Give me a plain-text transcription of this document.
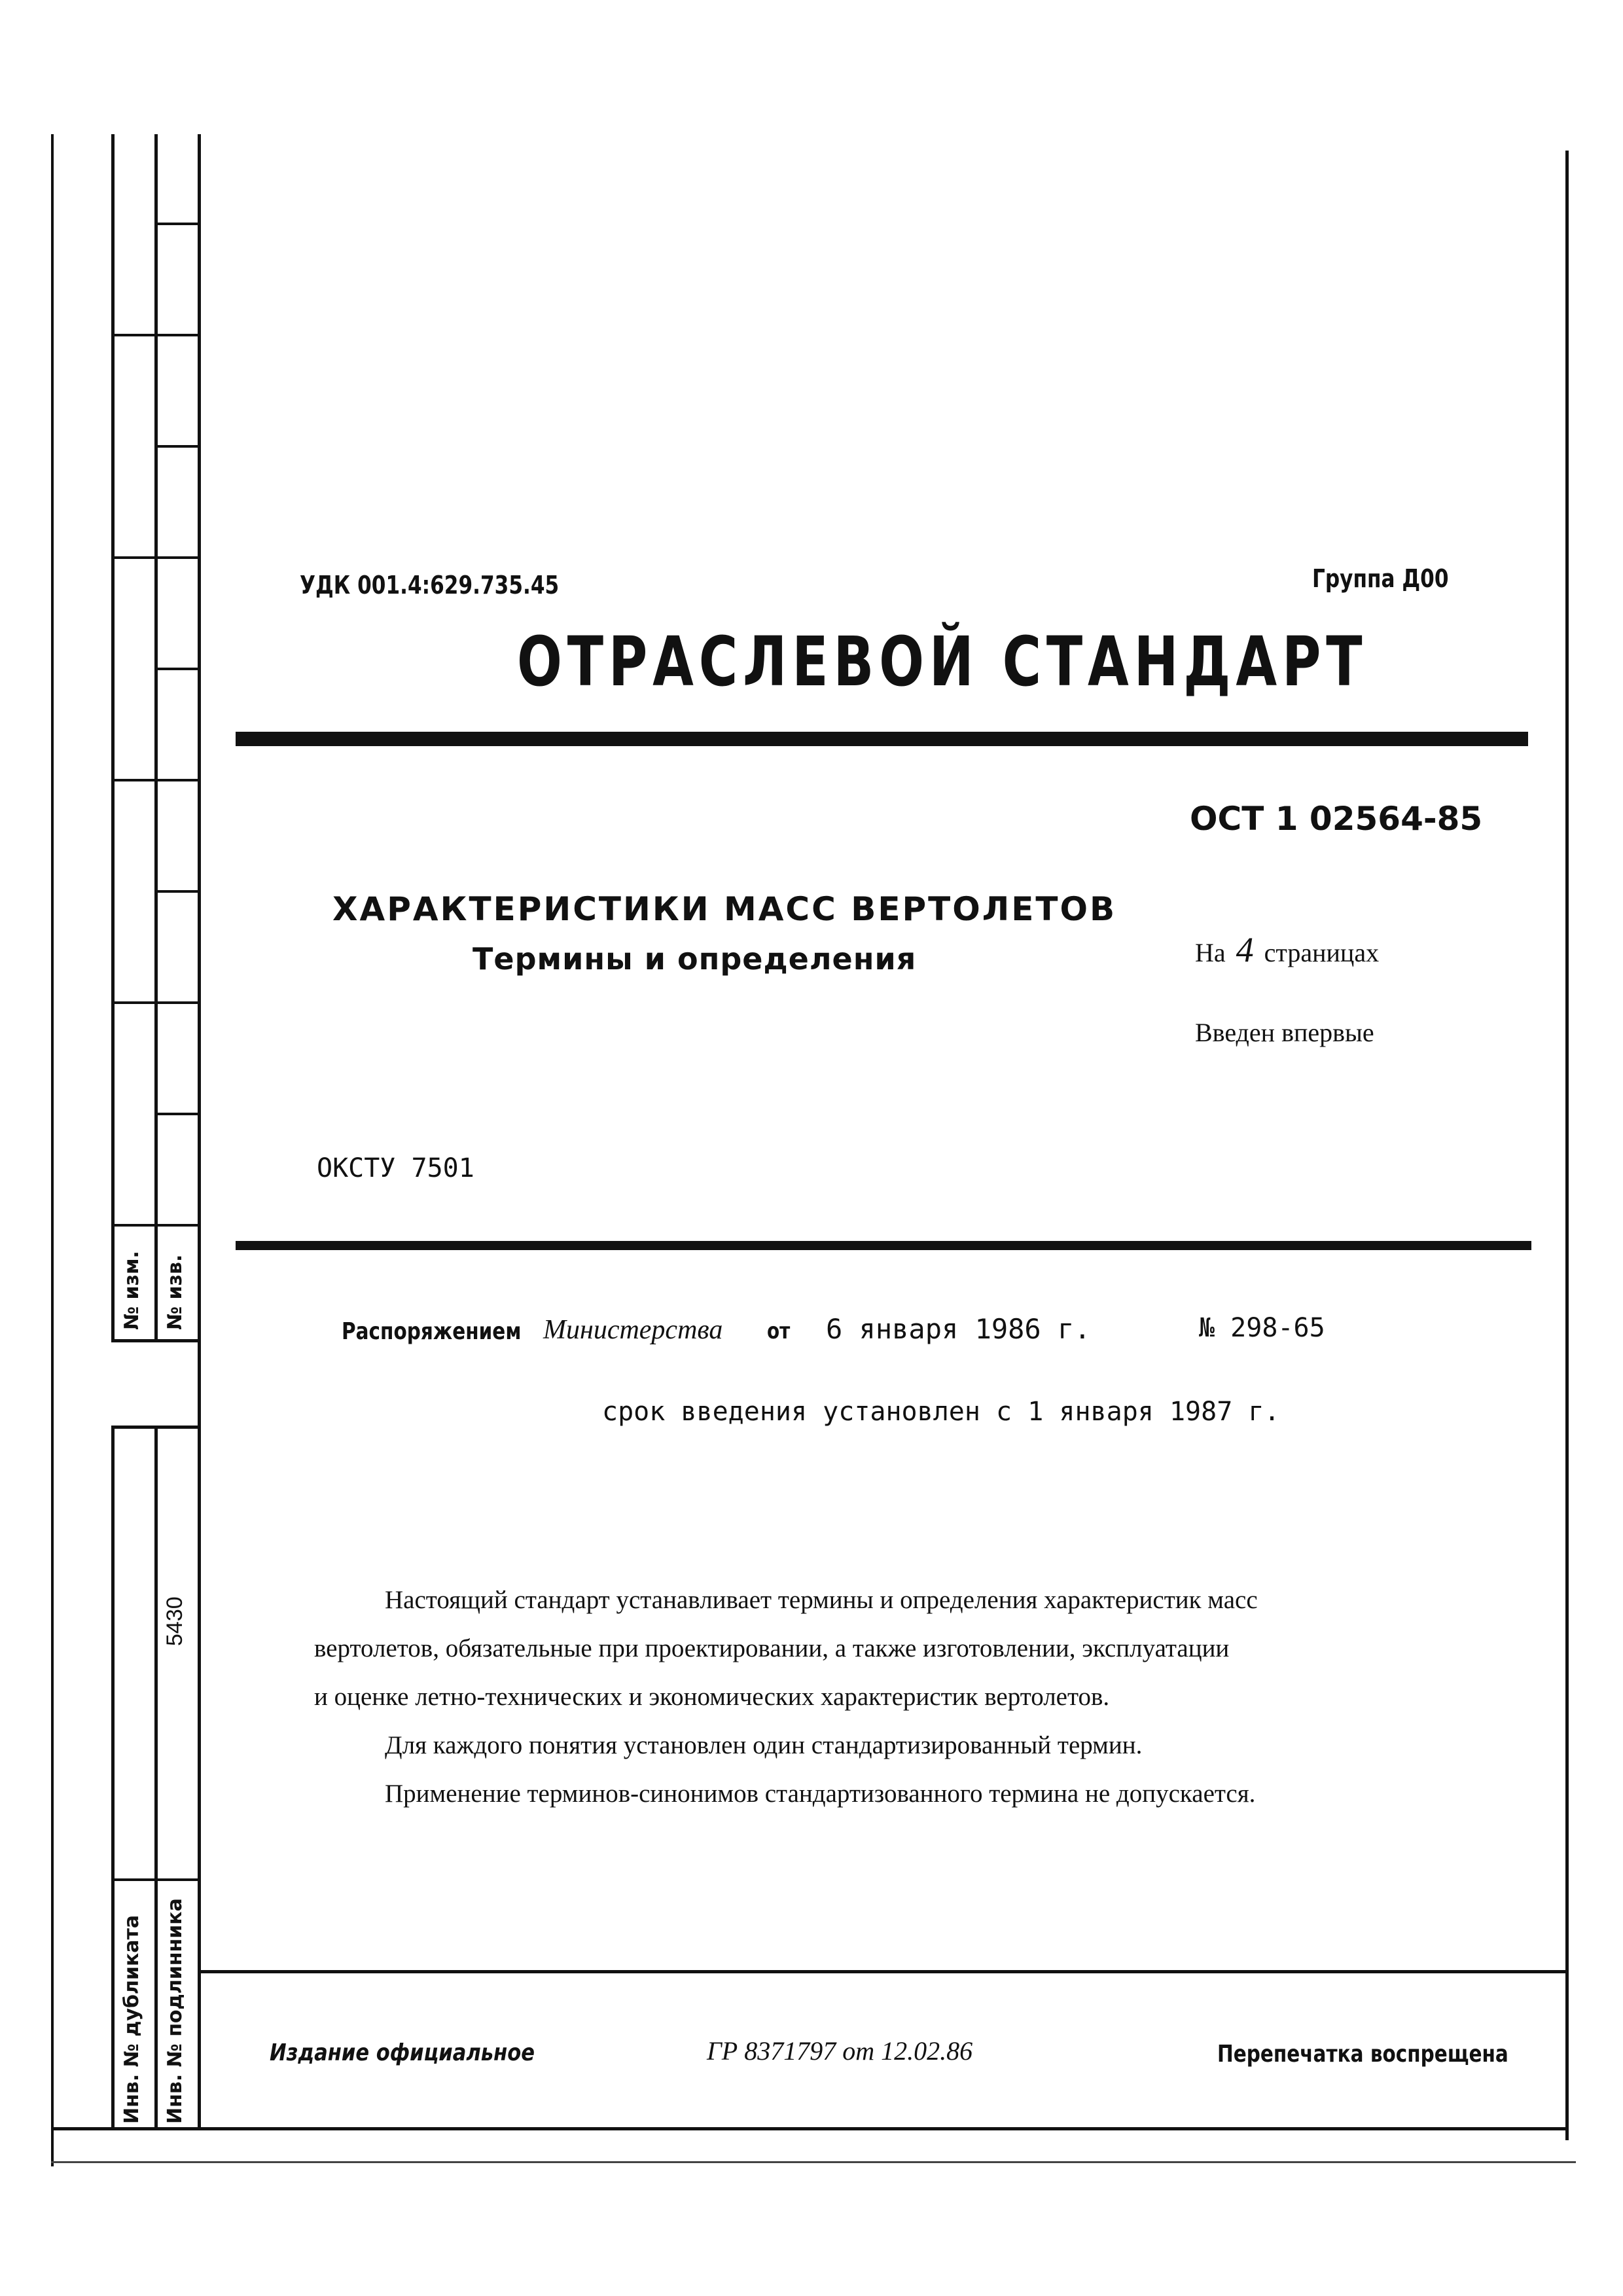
№ изм. № изв.
5430
Инв. № дубликата Инв. № подлинника
УДК 001.4:629.735.45	Группа Д00
ОТРАСЛЕВОЙ СТАНДАРТ
ОСТ 1 02564-85
ХАРАКТЕРИСТИКИ МАСС ВЕРТОЛЕТОВ
Термины и определения	На 4 страницах
Введен впервые
ОКСТУ 7501
Распоряжением Министерства от 6 января 1986 г.	№ 298-65
срок введения установлен с 1 января 1987 г.
Настоящий стандарт устанавливает термины и определения характеристик масс
вертолетов, обязательные при проектировании, а также изготовлении, эксплуатации
и оценке летно-технических и экономических характеристик вертолетов.
Для каждого понятия установлен один стандартизированный термин.
Применение терминов-синонимов стандартизованного термина не допускается.
Издание официальное	ГР 8371797 от 12.02.86	Перепечатка воспрещена
